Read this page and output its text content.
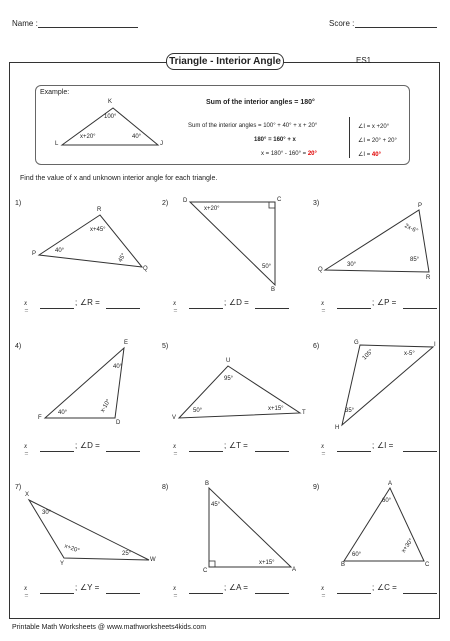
Name :	Score :
Triangle - Interior Angle	ES1
Example:
K
L	J
100°
x+20°	40°
Sum of the interior angles = 180°
Sum of the interior angles = 100° + 40° + x + 20°
180° = 160° + x
x = 180° - 160° = 20°
∠I = x +20°
∠I = 20° + 20°
∠I = 40°
Find the value of x and unknown interior angle for each triangle.
1)
R
P
Q
x+45°
40°
45°
2) D	C
B
x+20°
50°
3)	P
Q
R
2x-6°
30°
85°
4)	E
F
D
40°
40°	x-10°
5)
U
V
T
95°
50°	x+15°
6)	G	I
H
105°	x-5°
35°
7)
X
Y
W
30°
x+20°	25°
8)	B
C	A
45°
x+15°
9)	A
B	C
60°
60°
x+30°
x =
; ∠R =	x =
; ∠D =	x =
; ∠P =
x =
; ∠D =	x =
; ∠T =	x =
; ∠I =
x =
; ∠Y =	x =
; ∠A =	x =
; ∠C =
Printable Math Worksheets @ www.mathworksheets4kids.com
